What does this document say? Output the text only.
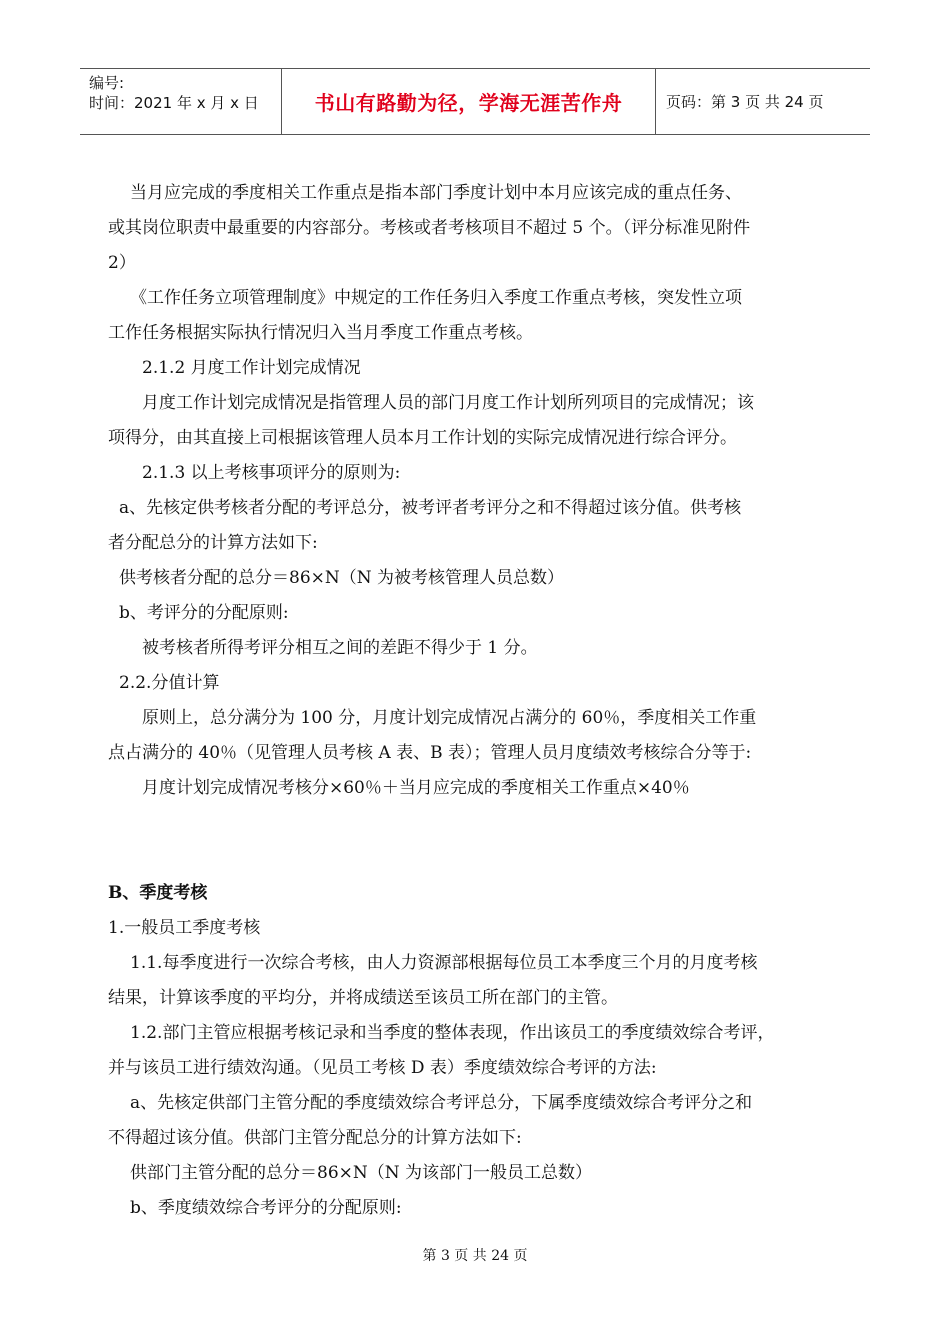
编号:
时间：2021 年 x 月 x 日	书山有路勤为径，学海无涯苦作舟	页码：第 3 页 共 24 页

当月应完成的季度相关工作重点是指本部门季度计划中本月应该完成的重点任务、

或其岗位职责中最重要的内容部分。考核或者考核项目不超过 5 个。（评分标准见附件

2）

《工作任务立项管理制度》中规定的工作任务归入季度工作重点考核，突发性立项

工作任务根据实际执行情况归入当月季度工作重点考核。

2.1.2 月度工作计划完成情况

月度工作计划完成情况是指管理人员的部门月度工作计划所列项目的完成情况；该

项得分，由其直接上司根据该管理人员本月工作计划的实际完成情况进行综合评分。

2.1.3 以上考核事项评分的原则为:

a、先核定供考核者分配的考评总分，被考评者考评分之和不得超过该分值。供考核

者分配总分的计算方法如下:

供考核者分配的总分＝86×N（N 为被考核管理人员总数）

b、考评分的分配原则:

被考核者所得考评分相互之间的差距不得少于 1 分。

2.2.分值计算

原则上，总分满分为 100 分，月度计划完成情况占满分的 60％，季度相关工作重

点占满分的 40％（见管理人员考核 A 表、B 表）；管理人员月度绩效考核综合分等于:

月度计划完成情况考核分×60％＋当月应完成的季度相关工作重点×40％

B、季度考核

1.一般员工季度考核

1.1.每季度进行一次综合考核，由人力资源部根据每位员工本季度三个月的月度考核

结果，计算该季度的平均分，并将成绩送至该员工所在部门的主管。

1.2.部门主管应根据考核记录和当季度的整体表现，作出该员工的季度绩效综合考评，

并与该员工进行绩效沟通。（见员工考核 D 表）季度绩效综合考评的方法:

a、先核定供部门主管分配的季度绩效综合考评总分，下属季度绩效综合考评分之和

不得超过该分值。供部门主管分配总分的计算方法如下:

供部门主管分配的总分＝86×N（N 为该部门一般员工总数）

b、季度绩效综合考评分的分配原则:

第 3 页 共 24 页
